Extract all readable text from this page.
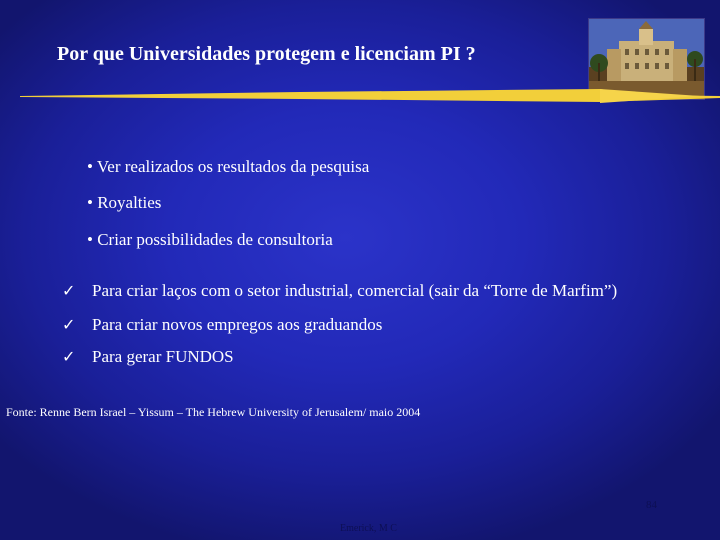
Por que Universidades protegem e licenciam PI ?
• Ver realizados os resultados da pesquisa
• Royalties
• Criar possibilidades de consultoria
✓ Para criar laços com o setor industrial, comercial (sair da “Torre de Marfim”)
✓ Para criar novos empregos aos graduandos
✓ Para gerar FUNDOS
Fonte: Renne Bern Israel – Yissum – The Hebrew University of Jerusalem/ maio 2004
84
Emerick, M C
